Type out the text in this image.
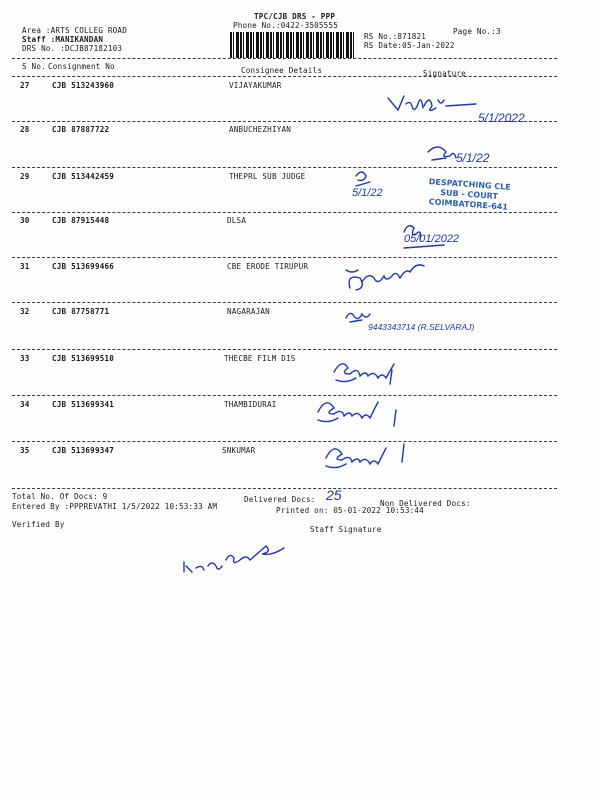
TPC/CJB DRS - PPP
Phone No.:0422-3505555
Area :ARTS COLLEG ROAD
Staff :MANIKANDAN
DRS No. :DCJB87182103
Page No.:3
RS No.:871821
RS Date:05-Jan-2022
S No. Consignment No	Consignee Details	Signature
27	CJB 513243960	VIJAYAKUMAR
28	CJB 87887722	ANBUCHEZHIYAN
29	CJB 513442459	THEPRL SUB JUDGE
30	CJB 87915448	DLSA
31	CJB 513699466	CBE ERODE TIRUPUR
32	CJB 87758771	NAGARAJAN
33	CJB 513699510	THECBE FILM DIS
34	CJB 513699341	THAMBIDURAI
35	CJB 513699347	SNKUMAR
5/1/2022
5/1/22
5/1/22
05/01/2022
9443343714 (R.SELVARAJ)
25
DESPATCHING CLE
SUB - COURT
COIMBATORE-641
Total No. Of Docs: 9	Delivered Docs:	Non Delivered Docs:
Entered By :PPPREVATHI 1/5/2022 10:53:33 AM	Printed on: 05-01-2022 10:53:44
Verified By
Staff Signature
